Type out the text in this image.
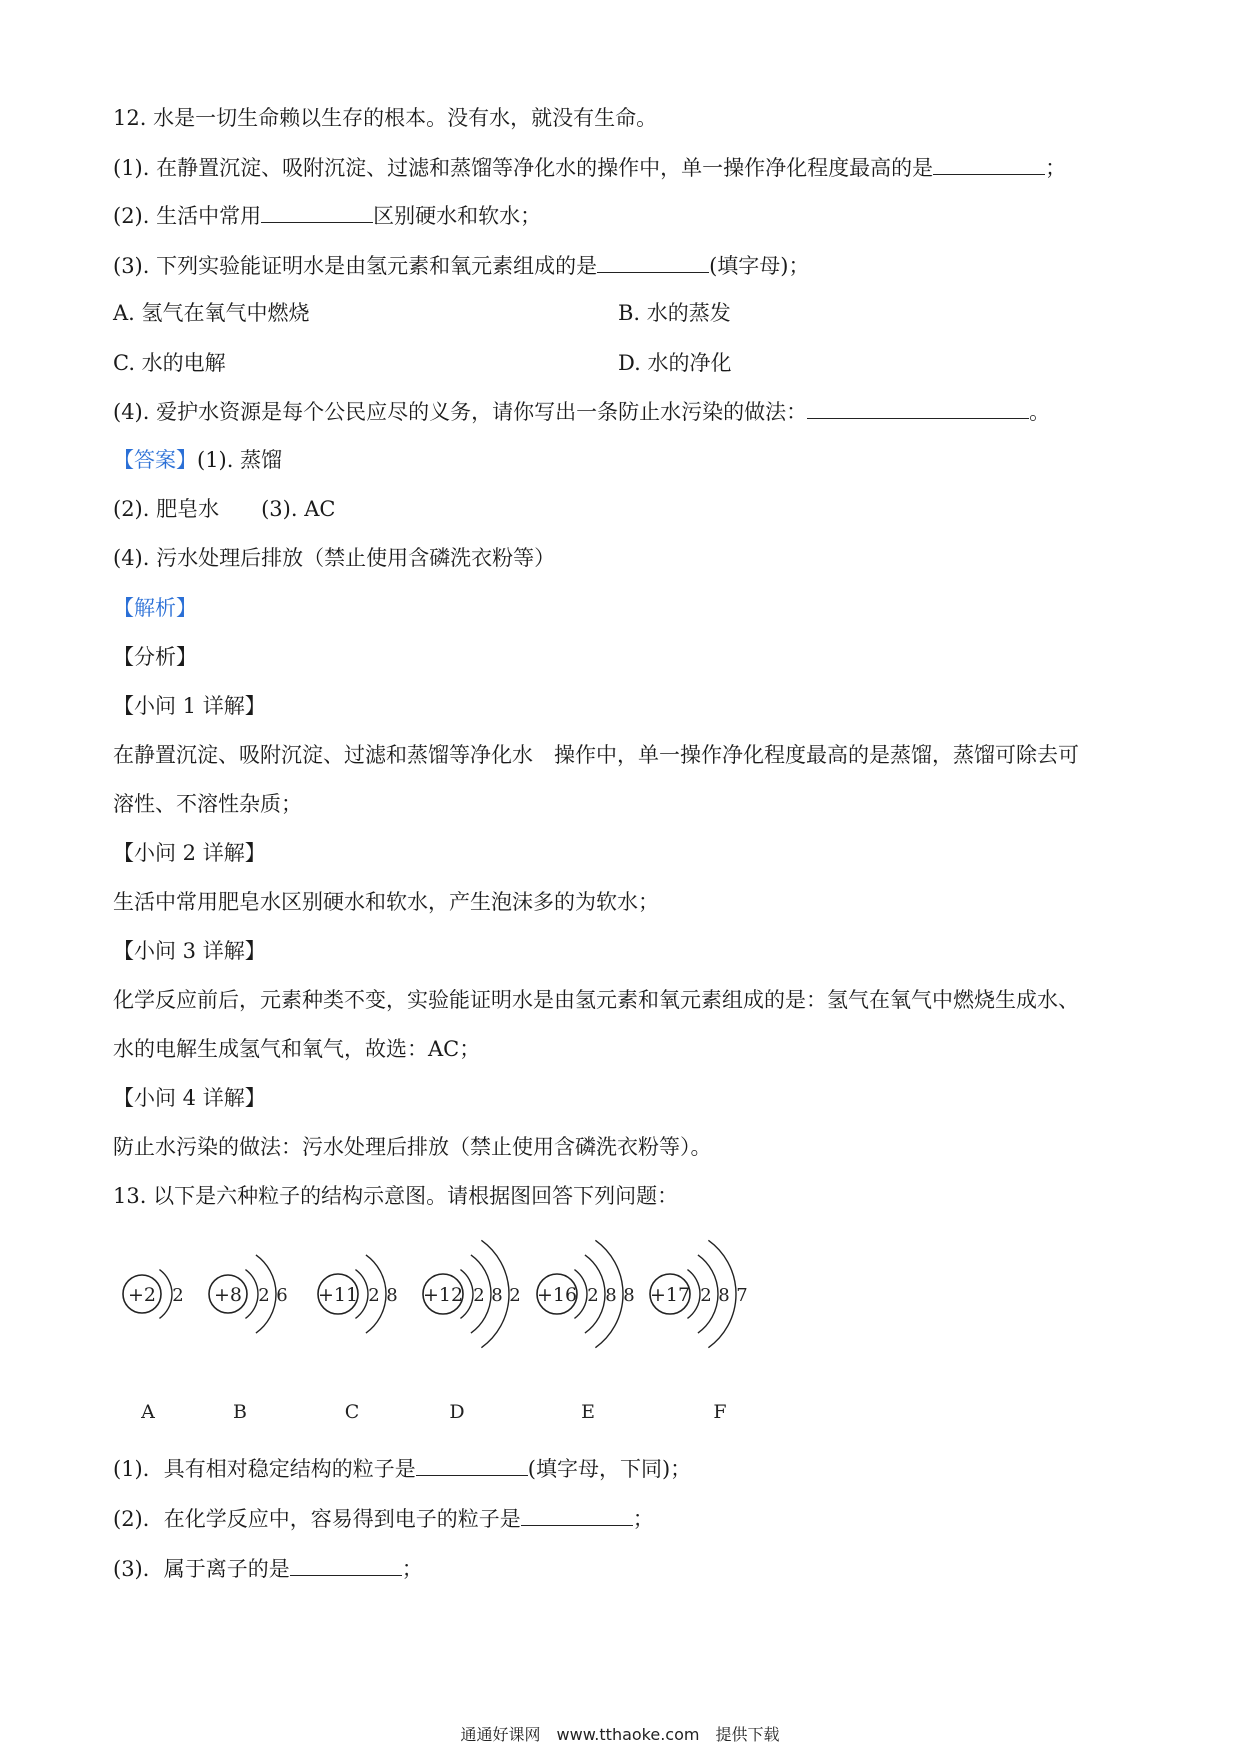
12. 水是一切生命赖以生存的根本。没有水，就没有生命。
(1). 在静置沉淀、吸附沉淀、过滤和蒸馏等净化水的操作中，单一操作净化程度最高的是	；
(2). 生活中常用	区别硬水和软水；
(3). 下列实验能证明水是由氢元素和氧元素组成的是	(填字母)；
A. 氢气在氧气中燃烧	B. 水的蒸发
C. 水的电解	D. 水的净化
(4). 爱护水资源是每个公民应尽的义务，请你写出一条防止水污染的做法：	。
【答案】(1). 蒸馏
(2). 肥皂水 (3). AC
(4). 污水处理后排放（禁止使用含磷洗衣粉等）
【解析】
【分析】
【小问 1 详解】
在静置沉淀、吸附沉淀、过滤和蒸馏等净化水　操作中，单一操作净化程度最高的是蒸馏，蒸馏可除去可
溶性、不溶性杂质；
【小问 2 详解】
生活中常用肥皂水区别硬水和软水，产生泡沫多的为软水；
【小问 3 详解】
化学反应前后，元素种类不变，实验能证明水是由氢元素和氧元素组成的是：氢气在氧气中燃烧生成水、
水的电解生成氢气和氧气，故选：AC；
【小问 4 详解】
防止水污染的做法：污水处理后排放（禁止使用含磷洗衣粉等）。
13. 以下是六种粒子的结构示意图。请根据图回答下列问题：
+2 2
A
+8 2 6
B
+11 2 8
C
+12 2 8 2
D
+16 2 8 8
E
+17 2 8 7
F
(1)．具有相对稳定结构的粒子是	(填字母，下同)；
(2)．在化学反应中，容易得到电子的粒子是	；
(3)．属于离子的是	；
通通好课网　www.tthaoke.com　提供下载
